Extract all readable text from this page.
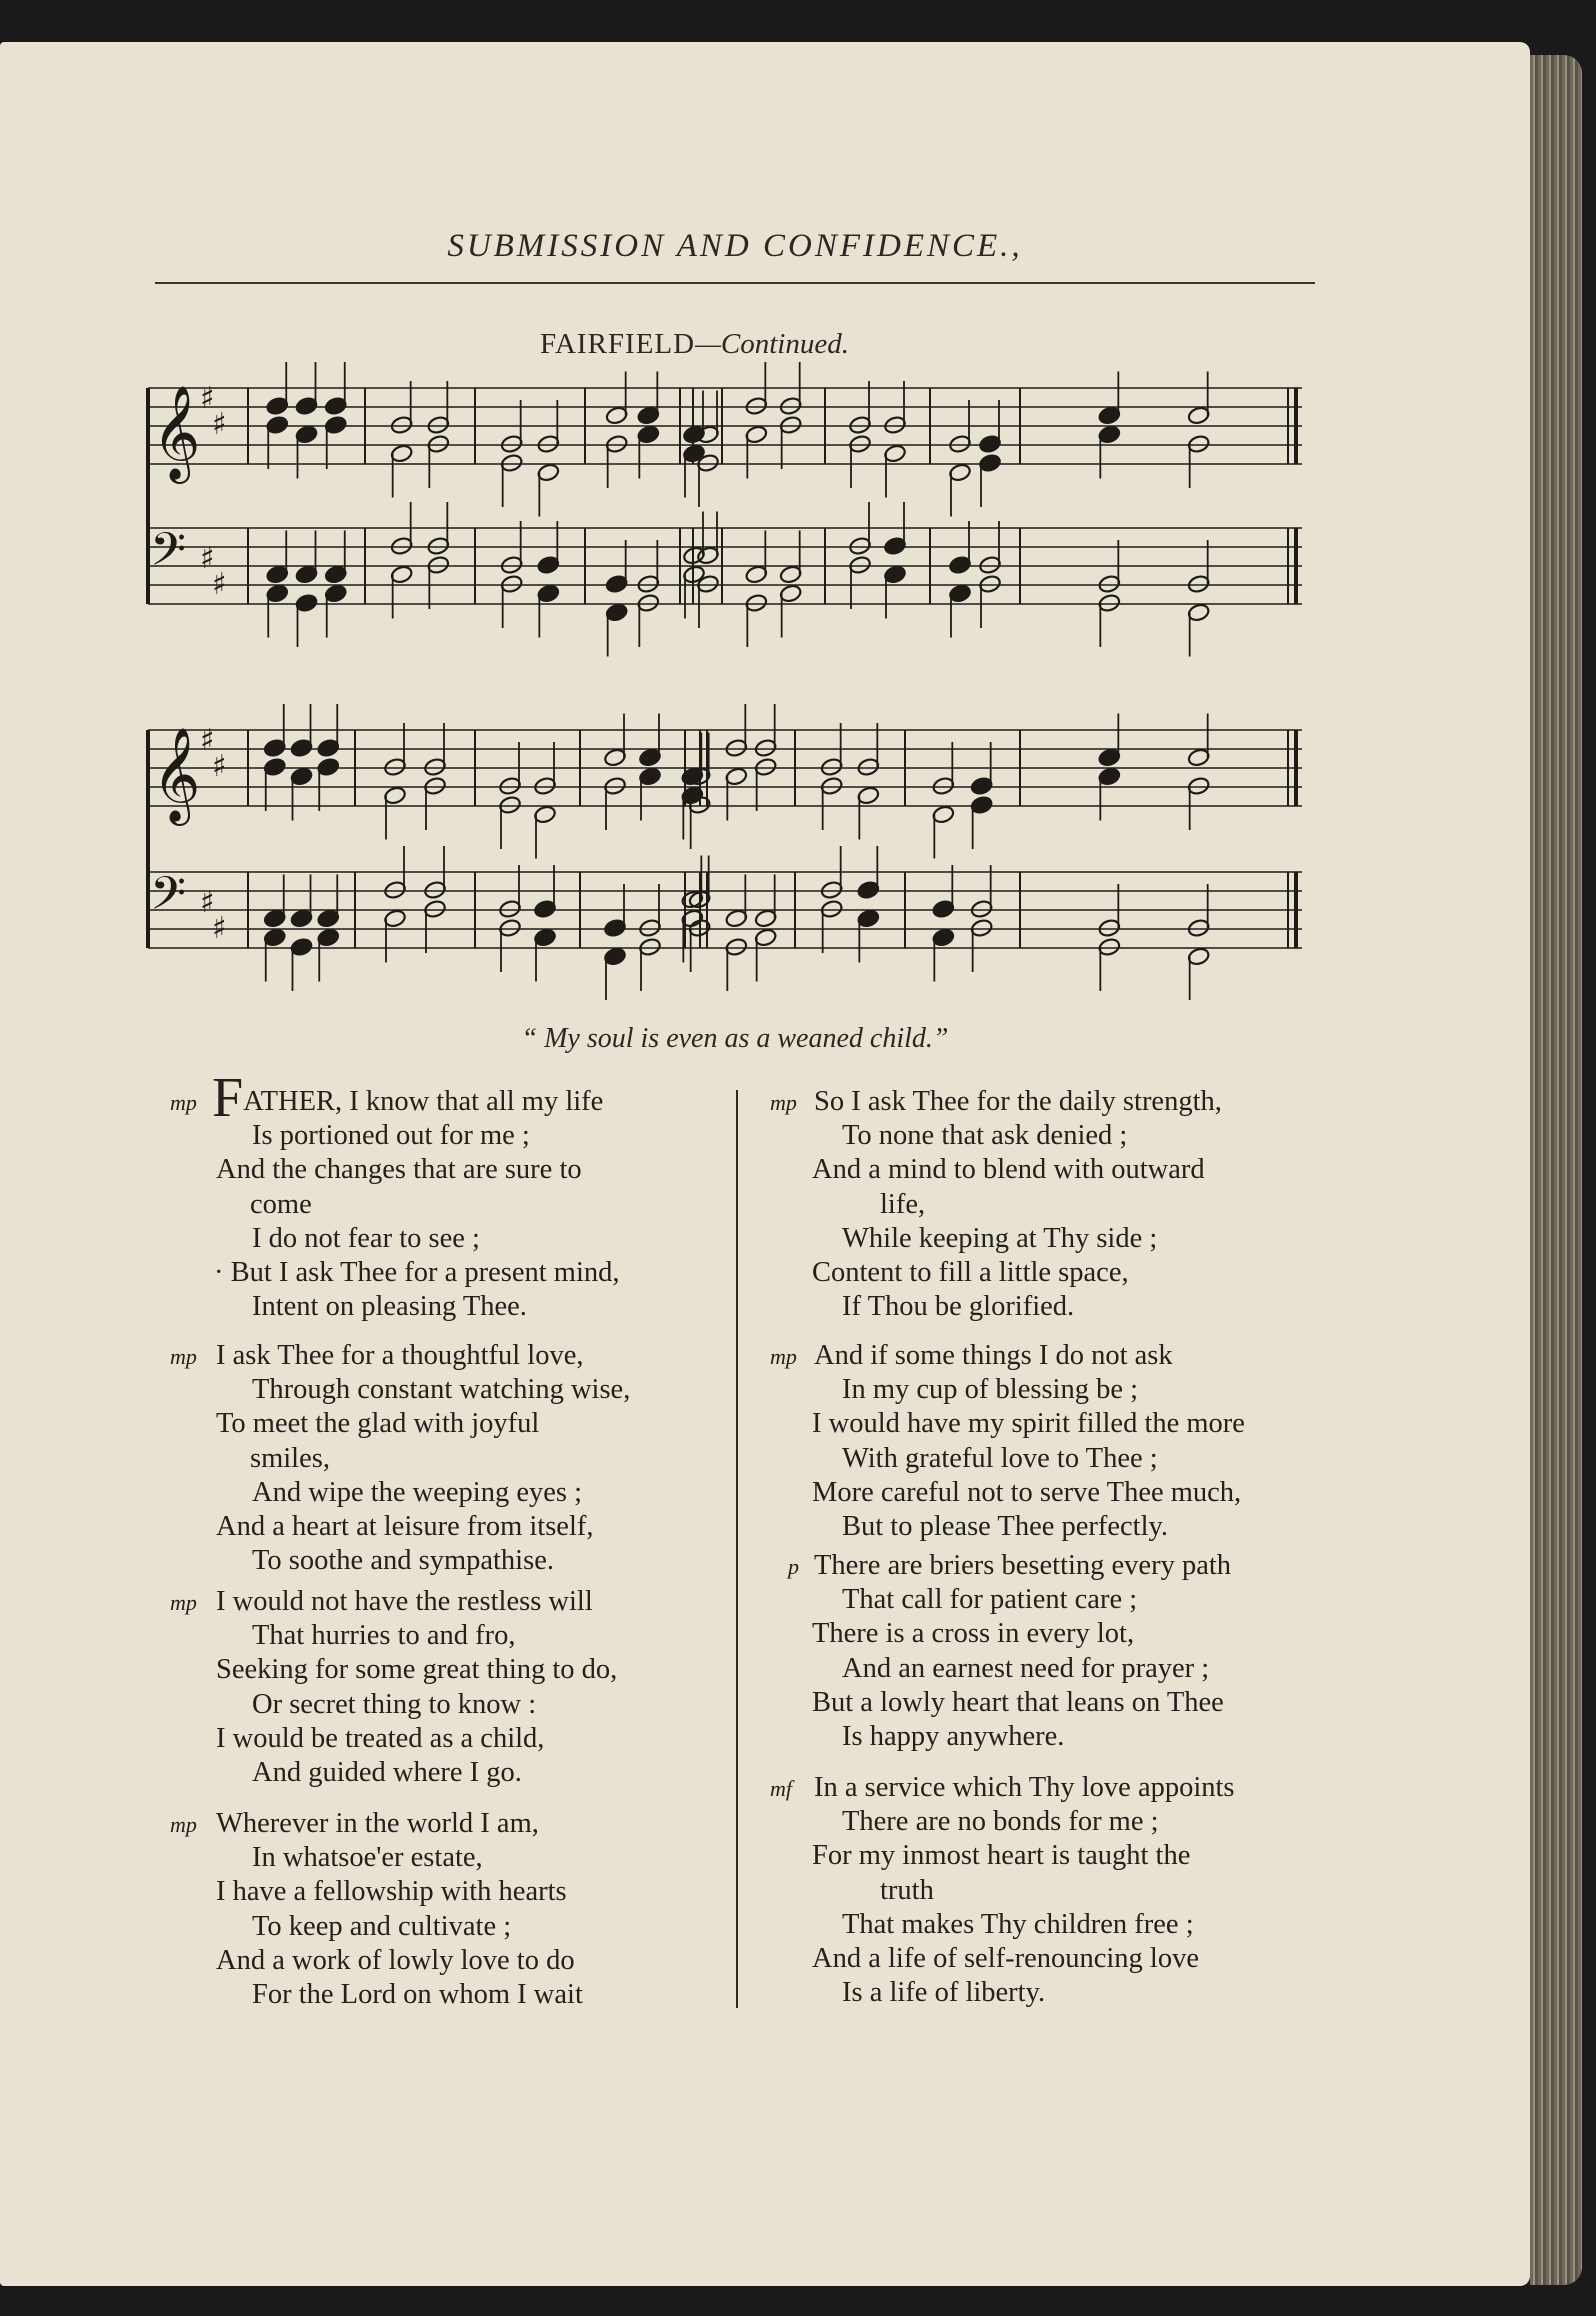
SUBMISSION AND CONFIDENCE.,
FAIRFIELD—Continued.
𝄞 ♯
♯
𝄢 ♯
♯
𝄞 ♯
♯
𝄢 ♯
♯
“ My soul is even as a weaned child.”
mp FATHER, I know that all my life
Is portioned out for me ;
And the changes that are sure to
come
I do not fear to see ;
· But I ask Thee for a present mind,
Intent on pleasing Thee.
mp I ask Thee for a thoughtful love,
Through constant watching wise,
To meet the glad with joyful
smiles,
And wipe the weeping eyes ;
And a heart at leisure from itself,
To soothe and sympathise.
mp I would not have the restless will
That hurries to and fro,
Seeking for some great thing to do,
Or secret thing to know :
I would be treated as a child,
And guided where I go.
mp Wherever in the world I am,
In whatsoe'er estate,
I have a fellowship with hearts
To keep and cultivate ;
And a work of lowly love to do
For the Lord on whom I wait
mp So I ask Thee for the daily strength,
To none that ask denied ;
And a mind to blend with outward
life,
While keeping at Thy side ;
Content to fill a little space,
If Thou be glorified.
mp And if some things I do not ask
In my cup of blessing be ;
I would have my spirit filled the more
With grateful love to Thee ;
More careful not to serve Thee much,
But to please Thee perfectly.
p There are briers besetting every path
That call for patient care ;
There is a cross in every lot,
And an earnest need for prayer ;
But a lowly heart that leans on Thee
Is happy anywhere.
mf In a service which Thy love appoints
There are no bonds for me ;
For my inmost heart is taught the
truth
That makes Thy children free ;
And a life of self-renouncing love
Is a life of liberty.
